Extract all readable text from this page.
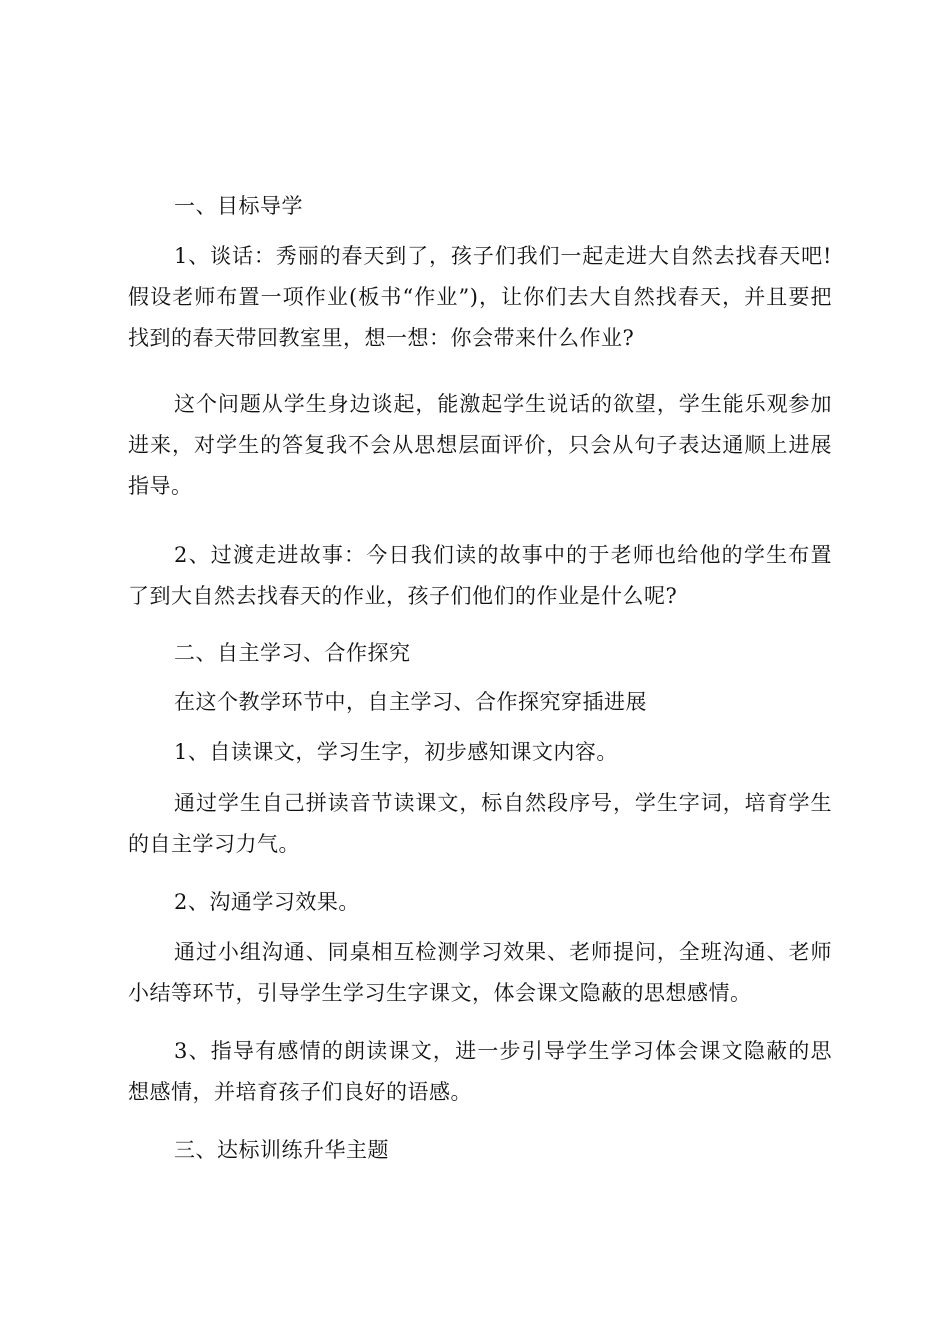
一、目标导学

1、谈话：秀丽的春天到了，孩子们我们一起走进大自然去找春天吧!假设老师布置一项作业(板书“作业”)，让你们去大自然找春天，并且要把找到的春天带回教室里，想一想：你会带来什么作业?

这个问题从学生身边谈起，能激起学生说话的欲望，学生能乐观参加进来，对学生的答复我不会从思想层面评价，只会从句子表达通顺上进展指导。

2、过渡走进故事：今日我们读的故事中的于老师也给他的学生布置了到大自然去找春天的作业，孩子们他们的作业是什么呢?

二、自主学习、合作探究

在这个教学环节中，自主学习、合作探究穿插进展

1、自读课文，学习生字，初步感知课文内容。

通过学生自己拼读音节读课文，标自然段序号，学生字词，培育学生的自主学习力气。

2、沟通学习效果。

通过小组沟通、同桌相互检测学习效果、老师提问，全班沟通、老师小结等环节，引导学生学习生字课文，体会课文隐蔽的思想感情。

3、指导有感情的朗读课文，进一步引导学生学习体会课文隐蔽的思想感情，并培育孩子们良好的语感。

三、达标训练升华主题
